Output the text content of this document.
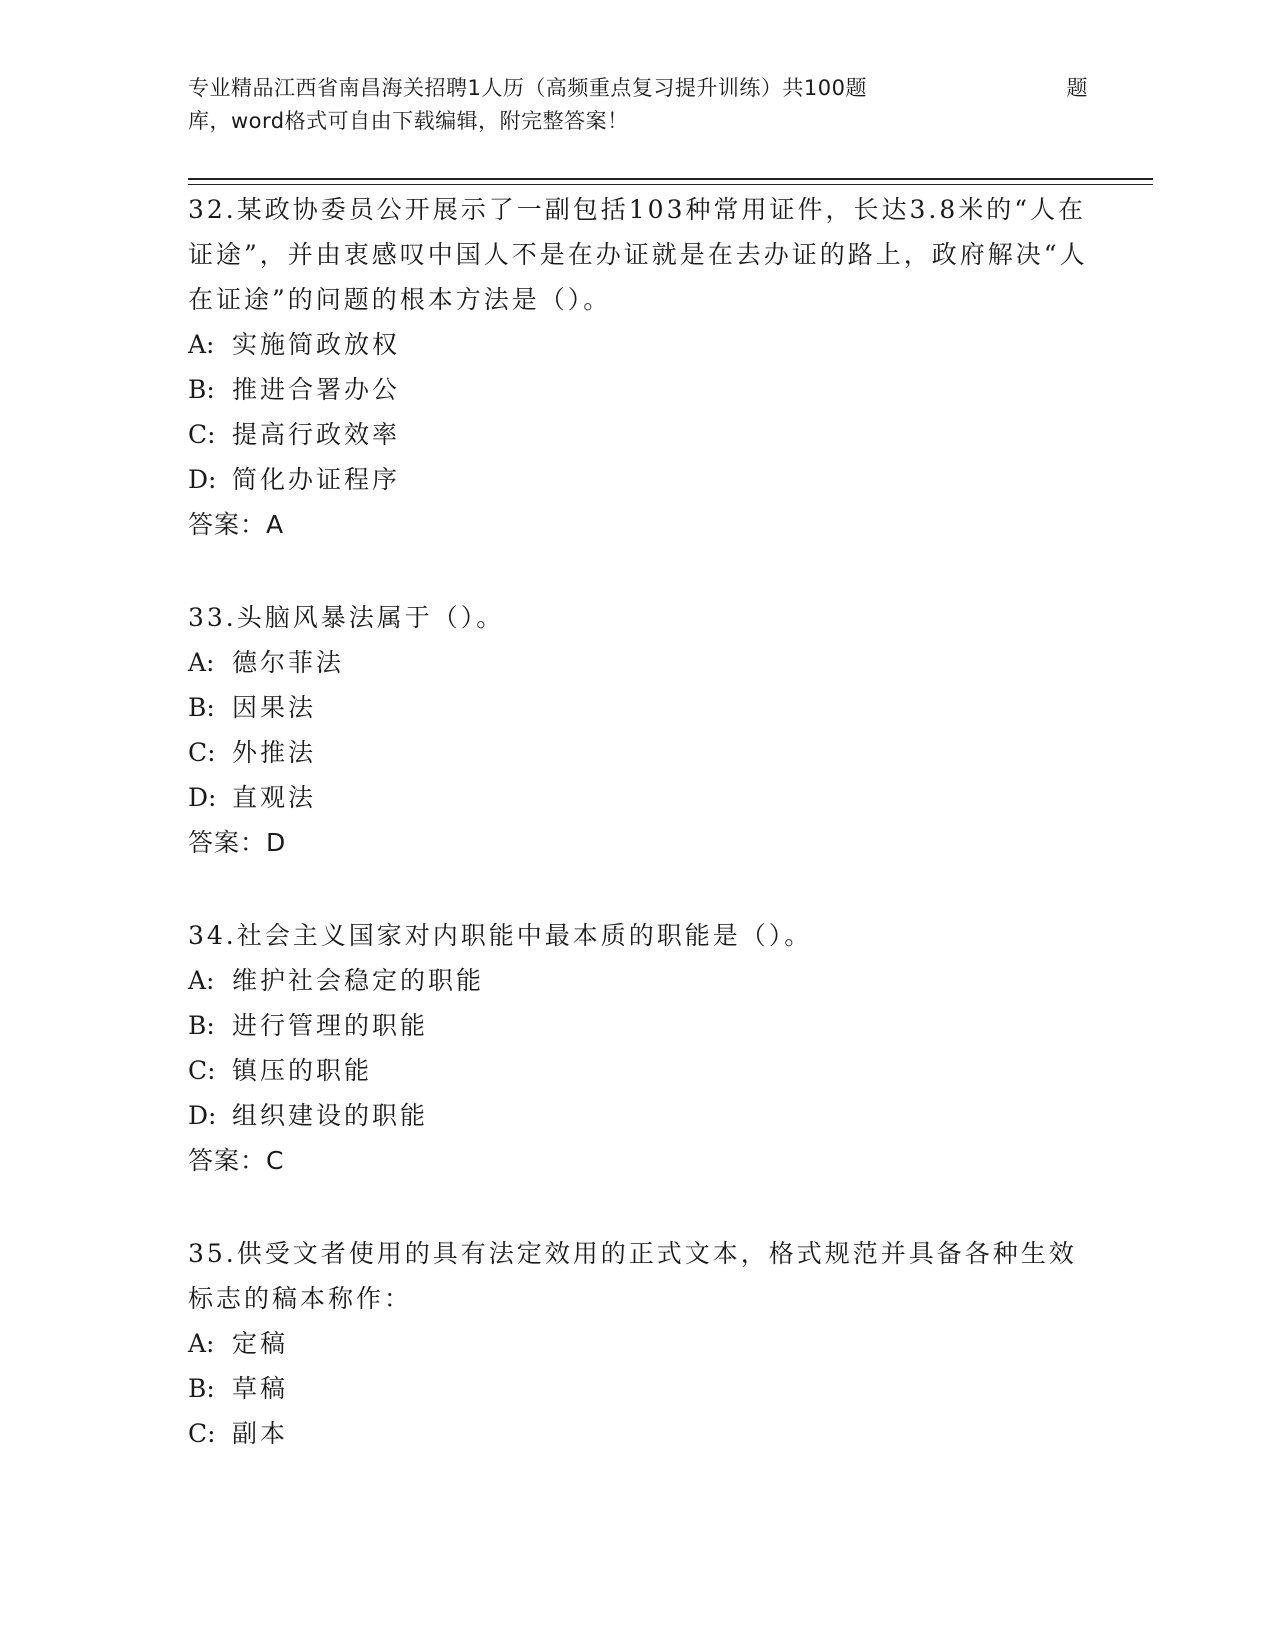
专业精品江西省南昌海关招聘1人历（高频重点复习提升训练）共100题	题
库，word格式可自由下载编辑，附完整答案！

32.某政协委员公开展示了一副包括103种常用证件，长达3.8米的“人在证途”，并由衷感叹中国人不是在办证就是在去办证的路上，政府解决“人在证途”的问题的根本方法是（）。

A: 实施简政放权
B: 推进合署办公
C: 提高行政效率
D: 简化办证程序
答案：A

33.头脑风暴法属于（）。

A: 德尔菲法
B: 因果法
C: 外推法
D: 直观法
答案：D

34.社会主义国家对内职能中最本质的职能是（）。

A: 维护社会稳定的职能
B: 进行管理的职能
C: 镇压的职能
D: 组织建设的职能
答案：C

35.供受文者使用的具有法定效用的正式文本，格式规范并具备各种生效标志的稿本称作：

A: 定稿
B: 草稿
C: 副本
